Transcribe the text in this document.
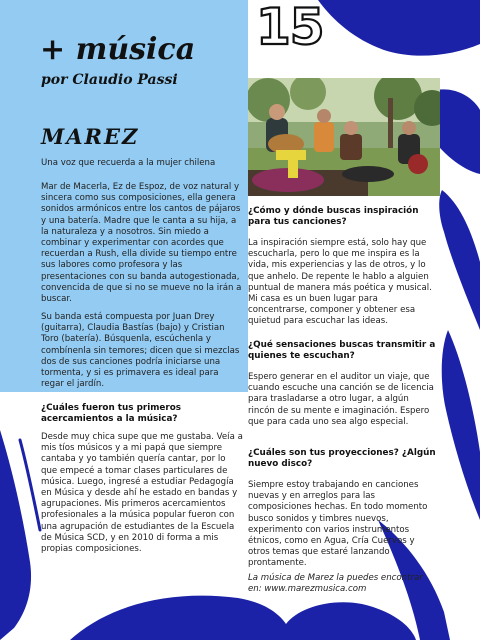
15
+ música
por Claudio Passi
MAREZ

Una voz que recuerda a la mujer chilena

Mar de Macerla, Ez de Espoz, de voz natural y sincera como sus composiciones, ella genera sonidos armónicos entre los cantos de pájaros y una batería. Madre que le canta a su hija, a la naturaleza y a nosotros. Sin miedo a combinar y experimentar con acordes que recuerdan a Rush, ella divide su tiempo entre sus labores como profesora y las presentaciones con su banda autogestionada, convencida de que si no se mueve no la irán a buscar.

Su banda está compuesta por Juan Drey (guitarra), Claudia Bastías (bajo) y Cristian Toro (batería). Búsquenla, escúchenla y combínenla sin temores; dicen que si mezclas dos de sus canciones podría iniciarse una tormenta, y si es primavera es ideal para regar el jardín.

¿Cuáles fueron tus primeros acercamientos a la música?

Desde muy chica supe que me gustaba. Veía a mis tíos músicos y a mi papá que siempre cantaba y yo también quería cantar, por lo que empecé a tomar clases particulares de música. Luego, ingresé a estudiar Pedagogía en Música y desde ahí he estado en bandas y agrupaciones. Mis primeros acercamientos profesionales a la música popular fueron con una agrupación de estudiantes de la Escuela de Música SCD, y en 2010 di forma a mis propias composiciones.

¿Cómo y dónde buscas inspiración para tus canciones?

La inspiración siempre está, solo hay que escucharla, pero lo que me inspira es la vida, mis experiencias y las de otros, y lo que anhelo. De repente le hablo a alguien puntual de manera más poética y musical. Mi casa es un buen lugar para concentrarse, componer y obtener esa quietud para escuchar las ideas.

¿Qué sensaciones buscas transmitir a quienes te escuchan?

Espero generar en el auditor un viaje, que cuando escuche una canción se de licencia para trasladarse a otro lugar, a algún rincón de su mente e imaginación. Espero que para cada uno sea algo especial.

¿Cuáles son tus proyecciones? ¿Algún nuevo disco?

Siempre estoy trabajando en canciones nuevas y en arreglos para las composiciones hechas. En todo momento busco sonidos y timbres nuevos, experimento con varios instrumentos étnicos, como en Agua, Cría Cuervos y otros temas que estaré lanzando prontamente.

La música de Marez la puedes encontrar en: www.marezmusica.com
